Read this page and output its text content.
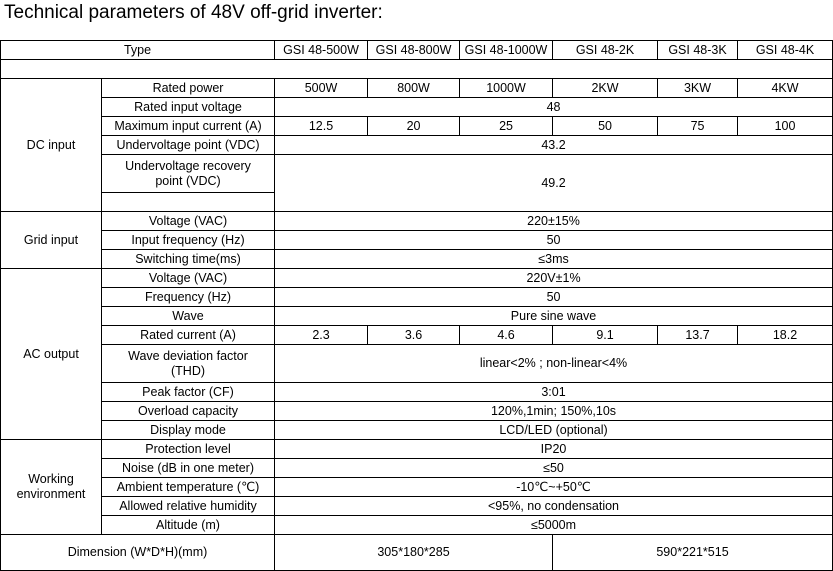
Technical parameters of 48V off-grid inverter:
Type		GSI 48-500W	GSI 48-800W	GSI 48-1000W	GSI 48-2K	GSI 48-3K	GSI 48-4K

DC input	Rated power	500W	800W	1000W	2KW	3KW	4KW
	Rated input voltage	48					
	Maximum input current (A)	12.5	20	25	50	75	100
	Undervoltage point (VDC)	43.2					

	Undervoltage recovery
point (VDC)	49.2					

Grid input	Voltage (VAC)	220±15%					
	Input frequency (Hz)	50					
	Switching time(ms)	≤3ms					
AC output	Voltage (VAC)	220V±1%					
	Frequency (Hz)	50					
	Wave	Pure sine wave					
	Rated current (A)	2.3	3.6	4.6	9.1	13.7	18.2

	Wave deviation factor
(THD)	linear<2% ; non-linear<4%					
	Peak factor (CF)	3:01					
	Overload capacity	120%,1min; 150%,10s					
	Display mode	LCD/LED (optional)					

Working
environment	Protection level	IP20					
	Noise (dB in one meter)	≤50					
	Ambient temperature (℃)	-10℃~+50℃					
	Allowed relative humidity	<95%, no condensation					
	Altitude (m)	≤5000m					
Dimension (W*D*H)(mm)		305*180*285			590*221*515		
